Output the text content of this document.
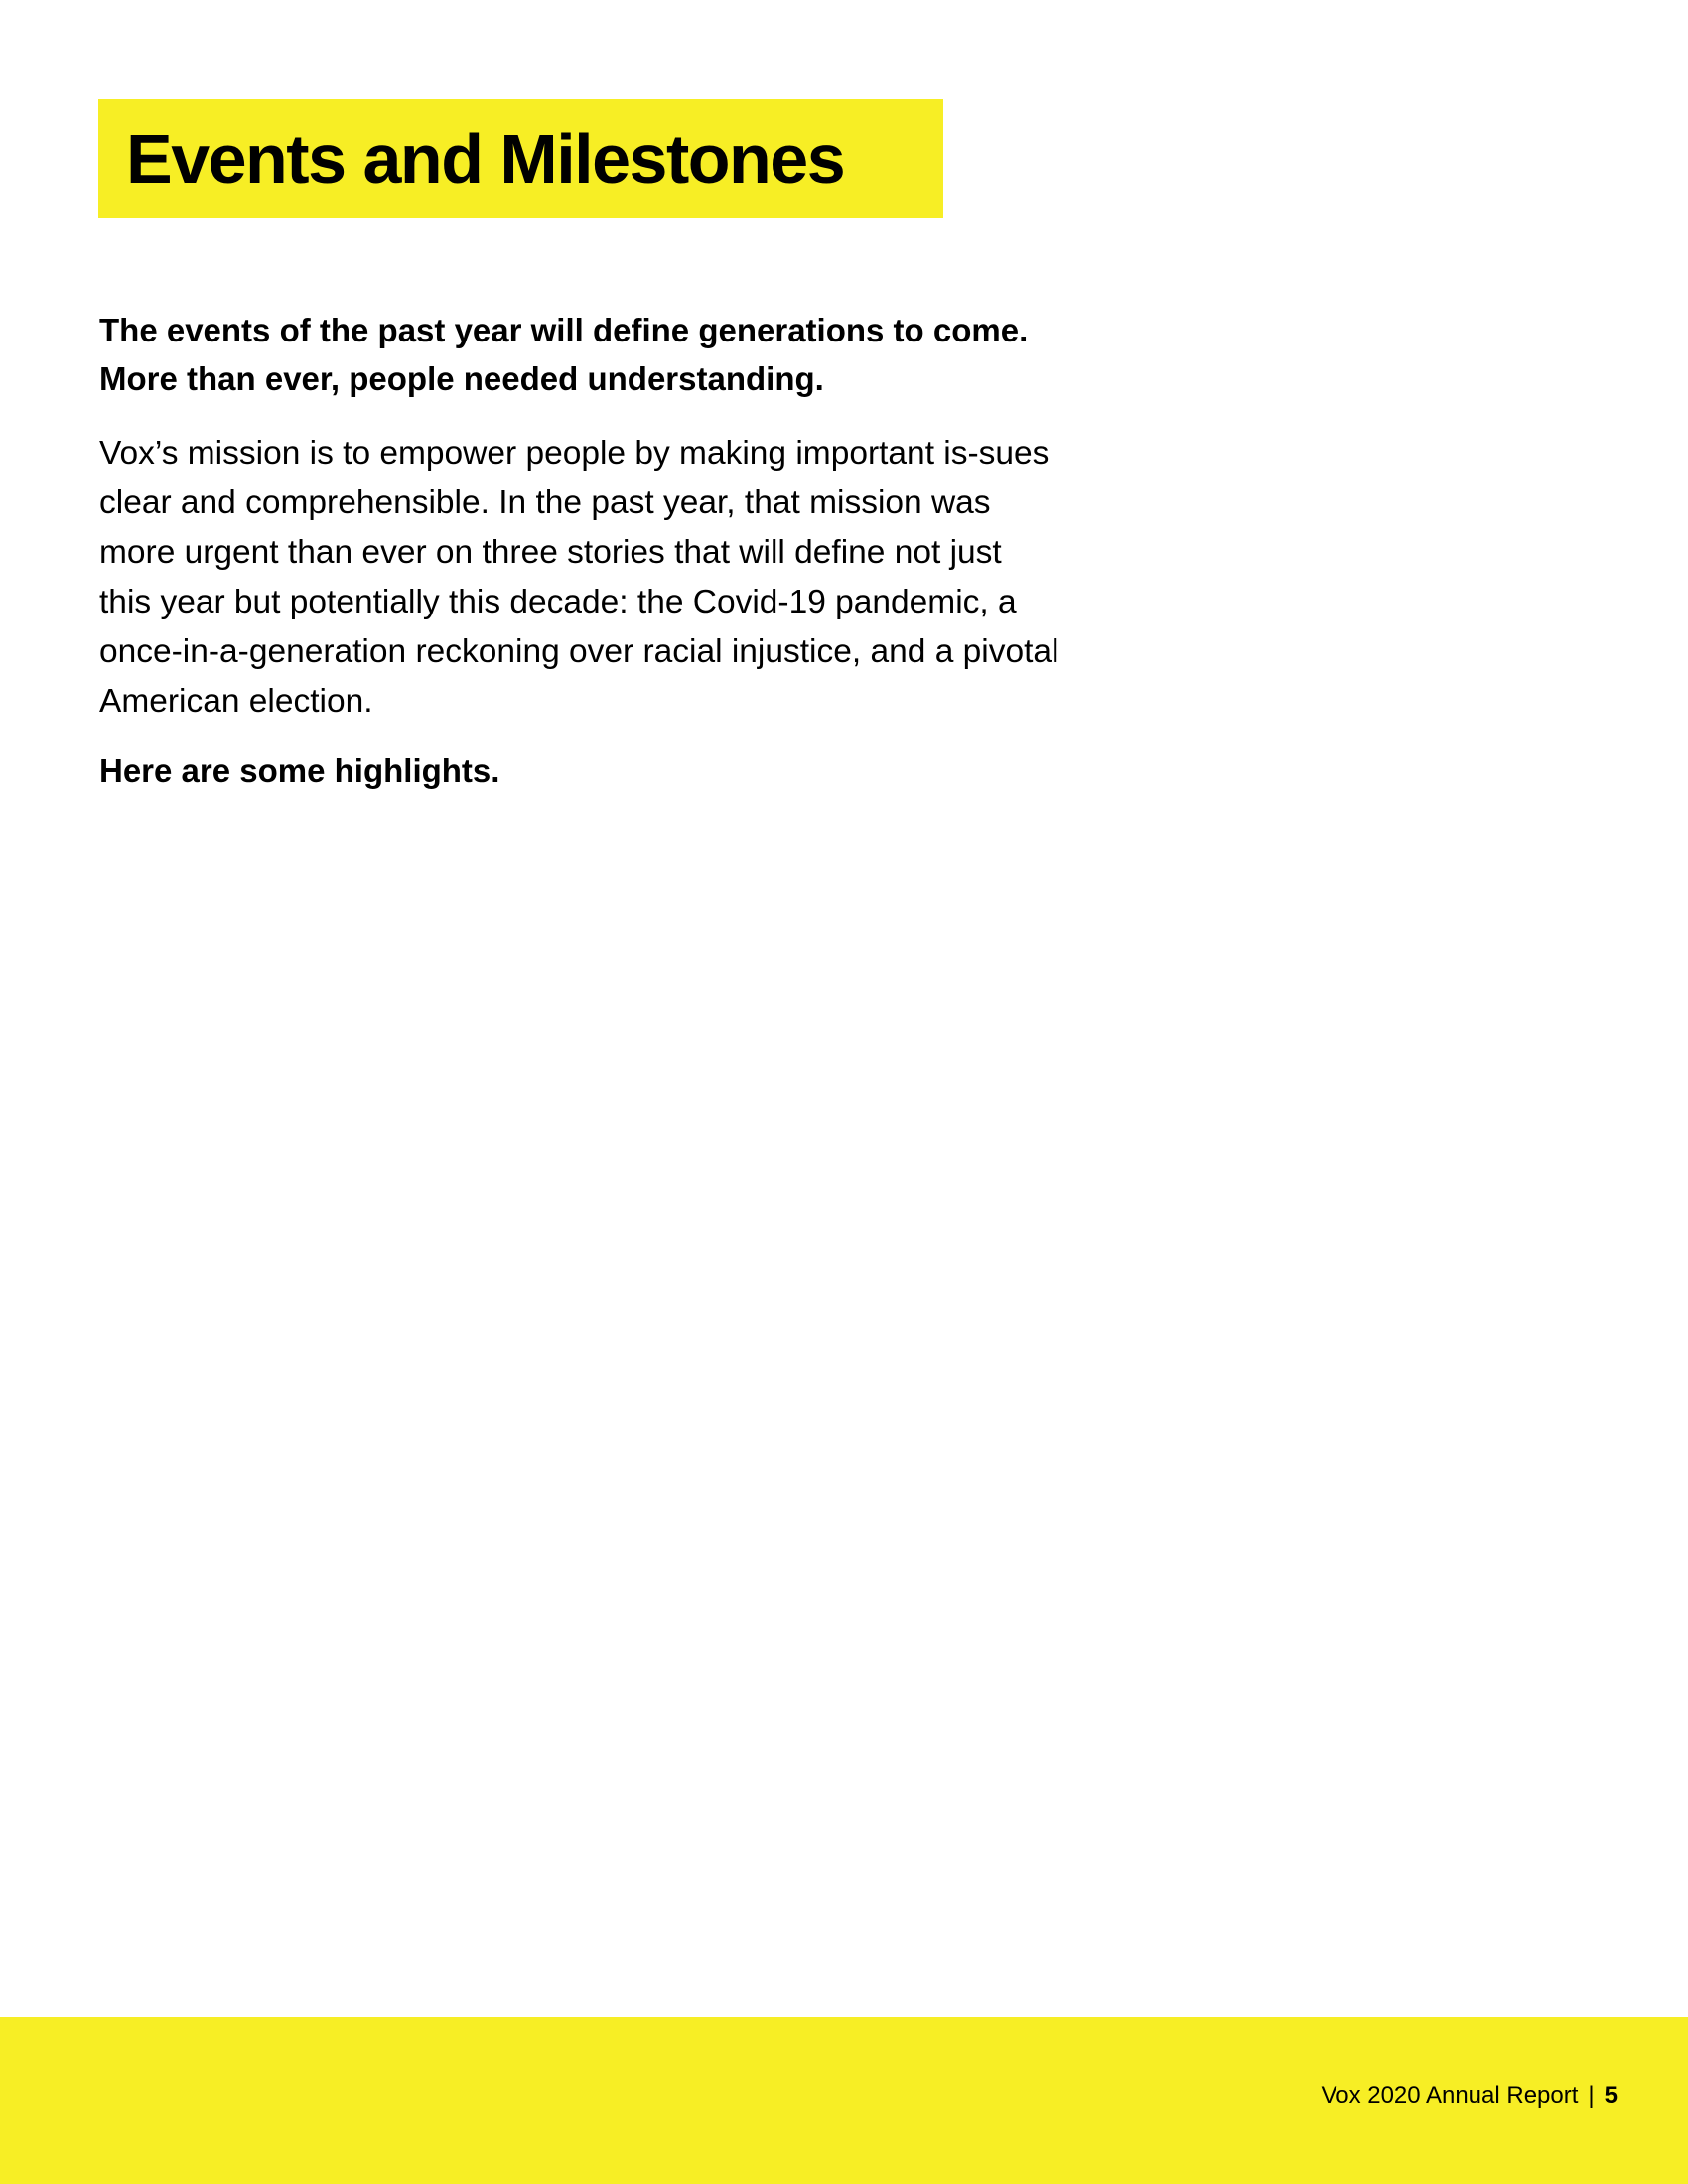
Events and Milestones

The events of the past year will define generations to come. More than ever, people needed understanding.

Vox’s mission is to empower people by making important is-sues clear and comprehensible. In the past year, that mission was more urgent than ever on three stories that will define not just this year but potentially this decade: the Covid-19 pandemic, a once-in-a-generation reckoning over racial injustice, and a pivotal American election.

Here are some highlights.

Vox 2020 Annual Report | 5
